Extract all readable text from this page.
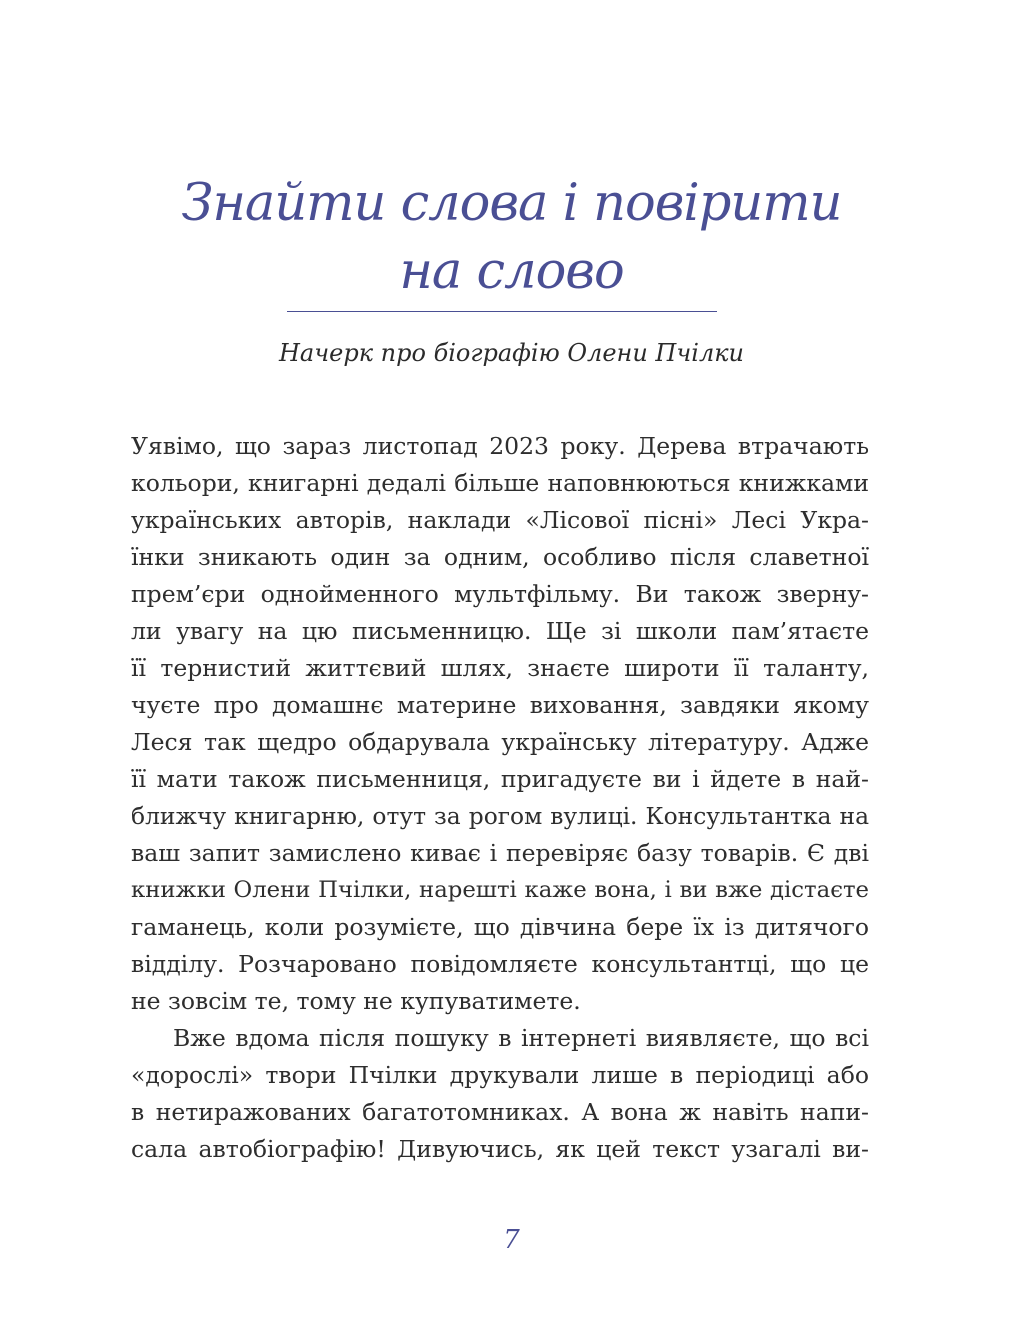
Знайти слова і повірити
на слово
Начерк про біографію Олени Пчілки
Уявімо, що зараз листопад 2023 року. Дерева втрачають
кольори, книгарні дедалі більше наповнюються книжками
українських авторів, наклади «Лісової пісні» Лесі Укра-
їнки зникають один за одним, особливо після славетної
прем’єри однойменного мультфільму. Ви також зверну-
ли увагу на цю письменницю. Ще зі школи пам’ятаєте
її тернистий життєвий шлях, знаєте широти її таланту,
чуєте про домашнє материне виховання, завдяки якому
Леся так щедро обдарувала українську літературу. Адже
її мати також письменниця, пригадуєте ви і йдете в най-
ближчу книгарню, отут за рогом вулиці. Консультантка на
ваш запит замислено киває і перевіряє базу товарів. Є дві
книжки Олени Пчілки, нарешті каже вона, і ви вже дістаєте
гаманець, коли розумієте, що дівчина бере їх із дитячого
відділу. Розчаровано повідомляєте консультантці, що це
не зовсім те, тому не купуватимете.
Вже вдома після пошуку в інтернеті виявляєте, що всі
«дорослі» твори Пчілки друкували лише в періодиці або
в нетиражованих багатотомниках. А вона ж навіть напи-
сала автобіографію! Дивуючись, як цей текст узагалі ви-
7
